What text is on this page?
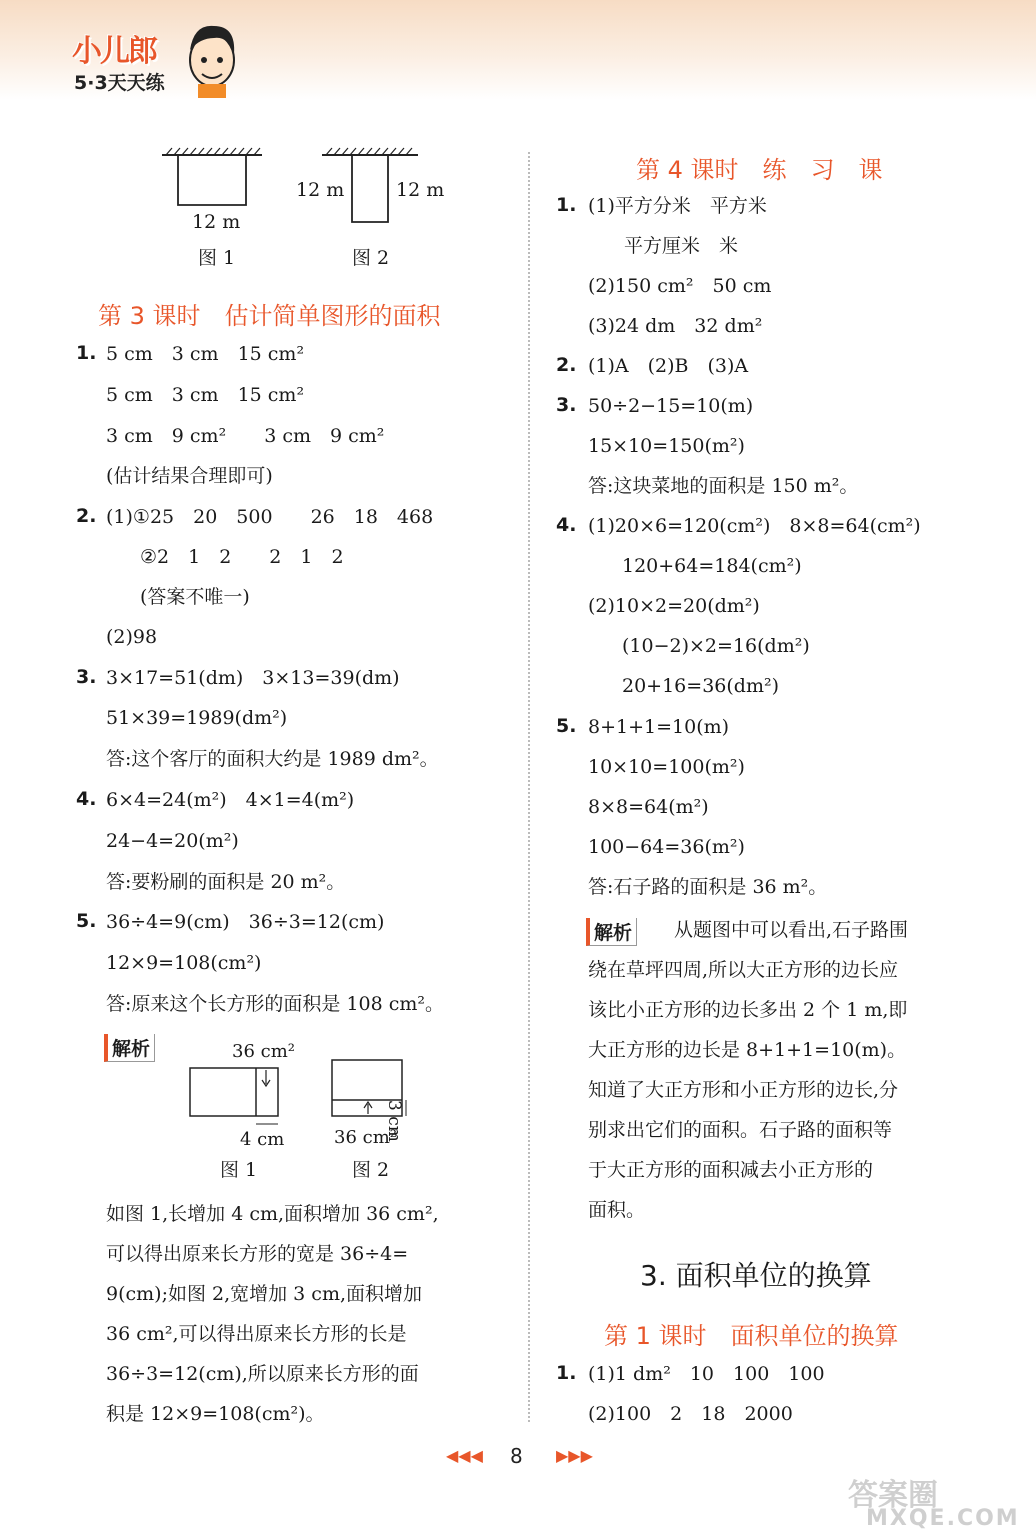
小儿郎
5·3天天练
12 m
图 1
12 m	12 m
图 2
第 3 课时　估计简单图形的面积
1. 5 cm　3 cm　15 cm²
5 cm　3 cm　15 cm²
3 cm　9 cm²　　3 cm　9 cm²
(估计结果合理即可)
2. (1)①25　20　500　　26　18　468
②2　1　2　　2　1　2
(答案不唯一)
(2)98
3. 3×17=51(dm)　3×13=39(dm)
51×39=1989(dm²)
答:这个客厅的面积大约是 1989 dm²。
4. 6×4=24(m²)　4×1=4(m²)
24−4=20(m²)
答:要粉刷的面积是 20 m²。
5. 36÷4=9(cm)　36÷3=12(cm)
12×9=108(cm²)
答:原来这个长方形的面积是 108 cm²。
解析	36 cm²
4 cm
图 1
36 cm²
3 cm
图 2
如图 1,长增加 4 cm,面积增加 36 cm²,
可以得出原来长方形的宽是 36÷4=
9(cm);如图 2,宽增加 3 cm,面积增加
36 cm²,可以得出原来长方形的长是
36÷3=12(cm),所以原来长方形的面
积是 12×9=108(cm²)。
第 4 课时　练　习　课
1. (1)平方分米　平方米
平方厘米　米
(2)150 cm²　50 cm
(3)24 dm　32 dm²
2. (1)A　(2)B　(3)A
3. 50÷2−15=10(m)
15×10=150(m²)
答:这块菜地的面积是 150 m²。
4. (1)20×6=120(cm²)　8×8=64(cm²)
120+64=184(cm²)
(2)10×2=20(dm²)
(10−2)×2=16(dm²)
20+16=36(dm²)
5. 8+1+1=10(m)
10×10=100(m²)
8×8=64(m²)
100−64=36(m²)
答:石子路的面积是 36 m²。
解析 从题图中可以看出,石子路围
绕在草坪四周,所以大正方形的边长应
该比小正方形的边长多出 2 个 1 m,即
大正方形的边长是 8+1+1=10(m)。
知道了大正方形和小正方形的边长,分
别求出它们的面积。石子路的面积等
于大正方形的面积减去小正方形的
面积。
3. 面积单位的换算
第 1 课时　面积单位的换算
1. (1)1 dm²　10　100　100
(2)100　2　18　2000
◀◀◀ 8 ▶▶▶
答案圈
MXQE.COM
